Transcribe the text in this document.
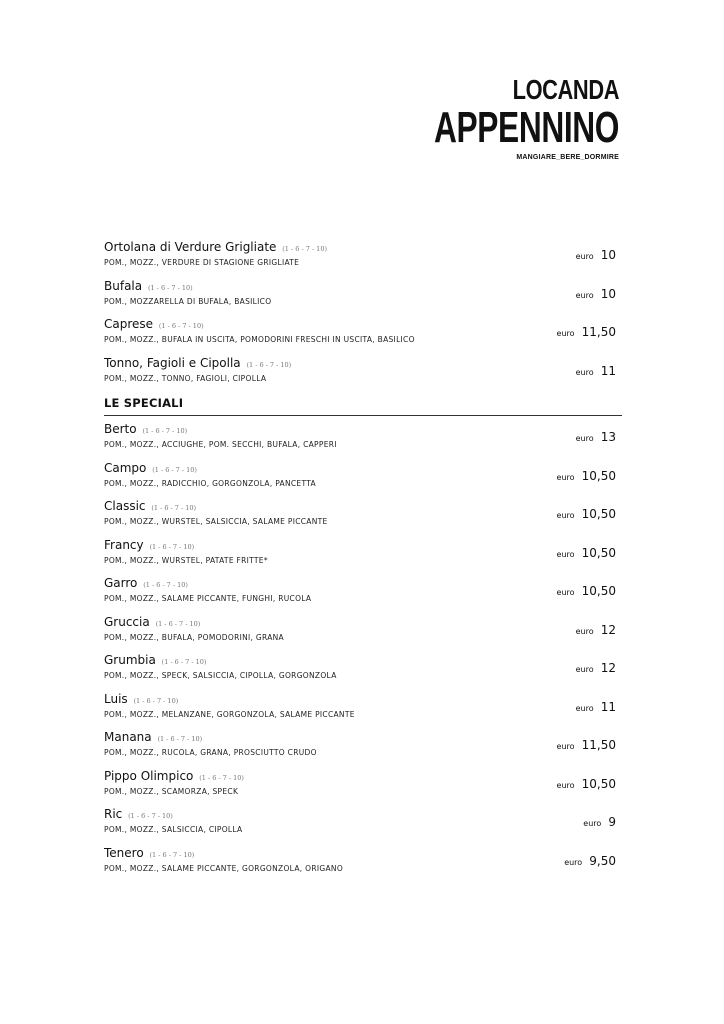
LOCANDA
APPENNINO
MANGIARE_BERE_DORMIRE
Ortolana di Verdure Grigliate (1 - 6 - 7 - 10)
POM., MOZZ., VERDURE DI STAGIONE GRIGLIATE
euro 10
Bufala (1 - 6 - 7 - 10)
POM., MOZZARELLA DI BUFALA, BASILICO
euro 10
Caprese (1 - 6 - 7 - 10)
POM., MOZZ., BUFALA IN USCITA, POMODORINI FRESCHI IN USCITA, BASILICO
euro 11,50
Tonno, Fagioli e Cipolla (1 - 6 - 7 - 10)
POM., MOZZ., TONNO, FAGIOLI, CIPOLLA
euro 11
LE SPECIALI
Berto (1 - 6 - 7 - 10)
POM., MOZZ., ACCIUGHE, POM. SECCHI, BUFALA, CAPPERI
euro 13
Campo (1 - 6 - 7 - 10)
POM., MOZZ., RADICCHIO, GORGONZOLA, PANCETTA
euro 10,50
Classic (1 - 6 - 7 - 10)
POM., MOZZ., WURSTEL, SALSICCIA, SALAME PICCANTE
euro 10,50
Francy (1 - 6 - 7 - 10)
POM., MOZZ., WURSTEL, PATATE FRITTE*
euro 10,50
Garro (1 - 6 - 7 - 10)
POM., MOZZ., SALAME PICCANTE, FUNGHI, RUCOLA
euro 10,50
Gruccia (1 - 6 - 7 - 10)
POM., MOZZ., BUFALA, POMODORINI, GRANA
euro 12
Grumbia (1 - 6 - 7 - 10)
POM., MOZZ., SPECK, SALSICCIA, CIPOLLA, GORGONZOLA
euro 12
Luis (1 - 6 - 7 - 10)
POM., MOZZ., MELANZANE, GORGONZOLA, SALAME PICCANTE
euro 11
Manana (1 - 6 - 7 - 10)
POM., MOZZ., RUCOLA, GRANA, PROSCIUTTO CRUDO
euro 11,50
Pippo Olimpico (1 - 6 - 7 - 10)
POM., MOZZ., SCAMORZA, SPECK
euro 10,50
Ric (1 - 6 - 7 - 10)
POM., MOZZ., SALSICCIA, CIPOLLA
euro 9
Tenero (1 - 6 - 7 - 10)
POM., MOZZ., SALAME PICCANTE, GORGONZOLA, ORIGANO
euro 9,50
